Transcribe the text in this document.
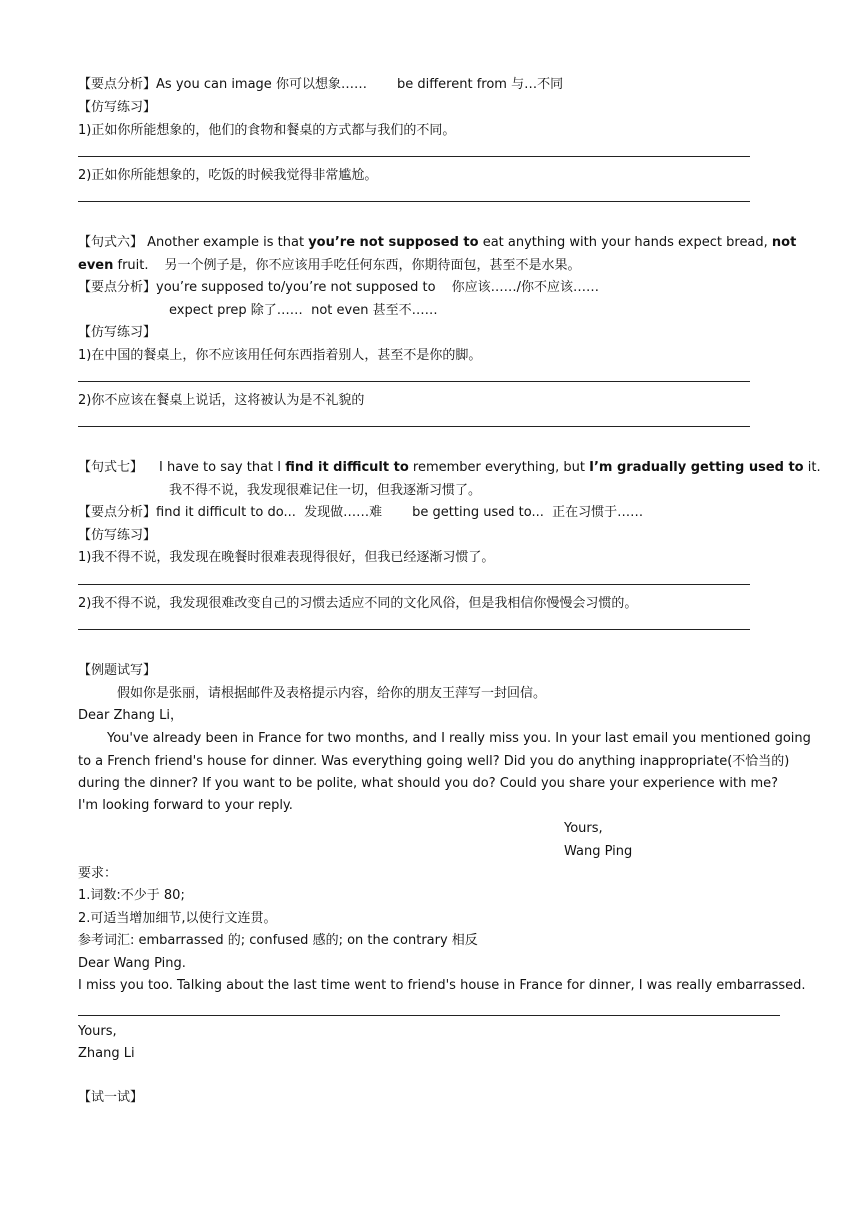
【要点分析】As you can image 你可以想象…… be different from 与…不同
【仿写练习】
1)正如你所能想象的，他们的食物和餐桌的方式都与我们的不同。
2)正如你所能想象的，吃饭的时候我觉得非常尴尬。
【句式六】 Another example is that you’re not supposed to eat anything with your hands expect bread, not
even fruit. 另一个例子是，你不应该用手吃任何东西，你期待面包，甚至不是水果。
【要点分析】you’re supposed to/you’re not supposed to 你应该……/你不应该……
expect prep 除了…… not even 甚至不……
【仿写练习】
1)在中国的餐桌上，你不应该用任何东西指着别人，甚至不是你的脚。
2)你不应该在餐桌上说话，这将被认为是不礼貌的
【句式七】 I have to say that I find it difficult to remember everything, but I’m gradually getting used to it.
我不得不说，我发现很难记住一切，但我逐渐习惯了。
【要点分析】find it difficult to do... 发现做……难 be getting used to... 正在习惯于……
【仿写练习】
1)我不得不说，我发现在晚餐时很难表现得很好，但我已经逐渐习惯了。
2)我不得不说，我发现很难改变自己的习惯去适应不同的文化风俗，但是我相信你慢慢会习惯的。
【例题试写】
假如你是张丽，请根据邮件及表格提示内容，给你的朋友王萍写一封回信。
Dear Zhang Li，
You've already been in France for two months, and I really miss you. In your last email you mentioned going
to a French friend's house for dinner. Was everything going well? Did you do anything inappropriate(不恰当的)
during the dinner? If you want to be polite, what should you do? Could you share your experience with me?
I'm looking forward to your reply.
Yours,
Wang Ping
要求：
1.词数:不少于 80;
2.可适当增加细节,以使行文连贯。
参考词汇: embarrassed 的; confused 感的; on the contrary 相反
Dear Wang Ping.
I miss you too. Talking about the last time went to friend's house in France for dinner, I was really embarrassed.
Yours,
Zhang Li
【试一试】
